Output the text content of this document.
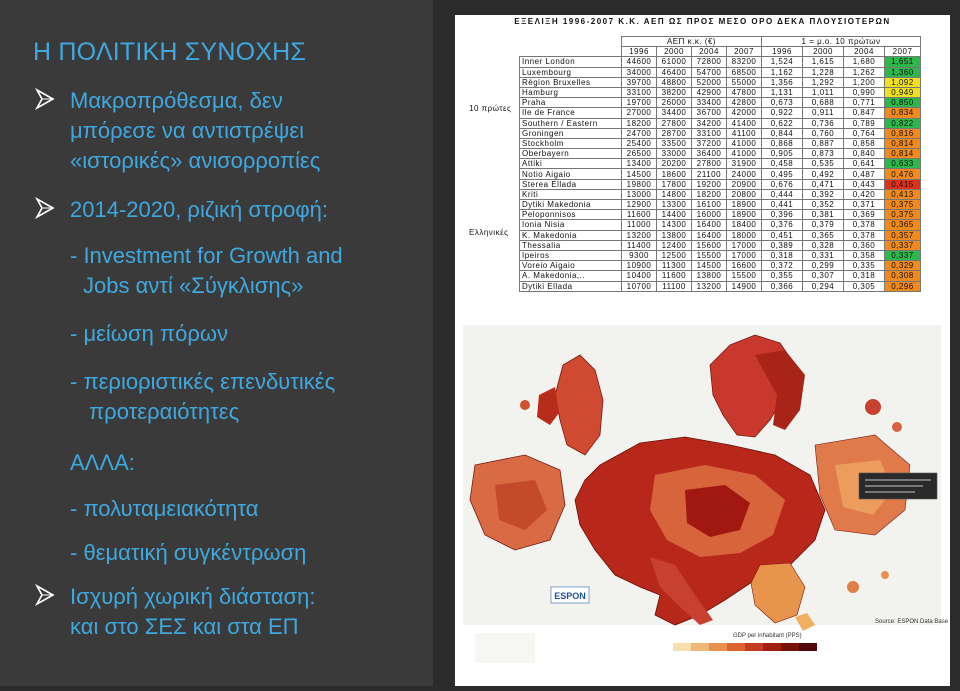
Η ΠΟΛΙΤΙΚΗ ΣΥΝΟΧΗΣ
Μακροπρόθεσμα, δεν
μπόρεσε να αντιστρέψει
«ιστορικές» ανισορροπίες
2014-2020, ριζική στροφή:
- Investment for Growth and
Jobs αντί «Σύγκλισης»
- μείωση πόρων
- περιοριστικές επενδυτικές
προτεραιότητες
ΑΛΛΑ:
- πολυταμειακότητα
- θεματική συγκέντρωση
Ισχυρή χωρική διάσταση:
και στο ΣΕΣ και στα ΕΠ
ΕΞΕΛΙΞΗ 1996-2007 Κ.Κ. ΑΕΠ ΩΣ ΠΡΟΣ ΜΕΣΟ ΟΡΟ ΔΕΚΑ ΠΛΟΥΣΙΟΤΕΡΩΝ
10 πρώτες
Ελληνικές
	ΑΕΠ κ.κ. (€)				1 = μ.ο. 10 πρώτων			
	1996	2000	2004	2007	1996	2000	2004	2007
Inner London	44600	61000	72800	83200	1,524	1,615	1,680	1,651
Luxembourg	34000	46400	54700	68500	1,162	1,228	1,262	1,360
Région Bruxelles	39700	48800	52000	55000	1,356	1,292	1,200	1,092
Hamburg	33100	38200	42900	47800	1,131	1,011	0,990	0,949
Praha	19700	26000	33400	42800	0,673	0,688	0,771	0,850
Ile de France	27000	34400	36700	42000	0,922	0,911	0,847	0,834
Southern / Eastern	18200	27800	34200	41400	0,622	0,736	0,789	0,822
Groningen	24700	28700	33100	41100	0,844	0,760	0,764	0,816
Stockholm	25400	33500	37200	41000	0,868	0,887	0,858	0,814
Oberbayern	26500	33000	36400	41000	0,905	0,873	0,840	0,814
Attiki	13400	20200	27800	31900	0,458	0,535	0,641	0,633
Notio Aigaio	14500	18600	21100	24000	0,495	0,492	0,487	0,476
Sterea Ellada	19800	17800	19200	20900	0,676	0,471	0,443	0,415
Kriti	13000	14800	18200	20800	0,444	0,392	0,420	0,413
Dytiki Makedonia	12900	13300	16100	18900	0,441	0,352	0,371	0,375
Peloponnisos	11600	14400	16000	18900	0,396	0,381	0,369	0,375
Ionia Nisia	11000	14300	16400	18400	0,376	0,379	0,378	0,365
K. Makedonia	13200	13800	16400	18000	0,451	0,365	0,378	0,357
Thessalia	11400	12400	15600	17000	0,389	0,328	0,360	0,337
Ipeiros	9300	12500	15500	17000	0,318	0,331	0,358	0,337
Voreio Aigaio	10900	11300	14500	16600	0,372	0,299	0,335	0,329
A. Makedonia,..	10400	11600	13800	15500	0,355	0,307	0,318	0,308
Dytiki Ellada	10700	11100	13200	14900	0,366	0,294	0,305	0,296
ESPON
GDP per inhabitant (PPS)
Source: ESPON Data Base
